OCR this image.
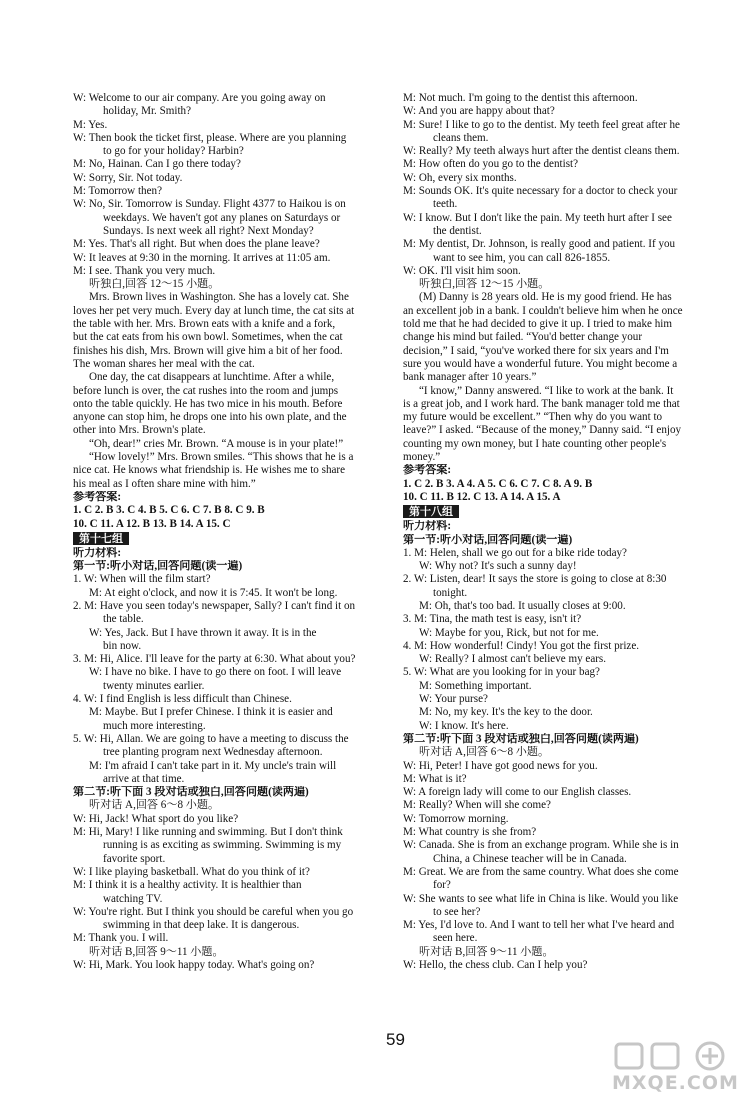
W: Welcome to our air company. Are you going away on
holiday, Mr. Smith?
M: Yes.
W: Then book the ticket first, please. Where are you planning
to go for your holiday? Harbin?
M: No, Hainan. Can I go there today?
W: Sorry, Sir. Not today.
M: Tomorrow then?
W: No, Sir. Tomorrow is Sunday. Flight 4377 to Haikou is on
weekdays. We haven't got any planes on Saturdays or
Sundays. Is next week all right? Next Monday?
M: Yes. That's all right. But when does the plane leave?
W: It leaves at 9:30 in the morning. It arrives at 11:05 am.
M: I see. Thank you very much.
听独白,回答 12～15 小题。
Mrs. Brown lives in Washington. She has a lovely cat. She
loves her pet very much. Every day at lunch time, the cat sits at
the table with her. Mrs. Brown eats with a knife and a fork,
but the cat eats from his own bowl. Sometimes, when the cat
finishes his dish, Mrs. Brown will give him a bit of her food.
The woman shares her meal with the cat.
One day, the cat disappears at lunchtime. After a while,
before lunch is over, the cat rushes into the room and jumps
onto the table quickly. He has two mice in his mouth. Before
anyone can stop him, he drops one into his own plate, and the
other into Mrs. Brown's plate.
“Oh, dear!” cries Mr. Brown. “A mouse is in your plate!”
“How lovely!” Mrs. Brown smiles. “This shows that he is a
nice cat. He knows what friendship is. He wishes me to share
his meal as I often share mine with him.”
参考答案:
1. C 2. B 3. C 4. B 5. C 6. C 7. B 8. C 9. B
10. C 11. A 12. B 13. B 14. A 15. C
第十七组
听力材料:
第一节:听小对话,回答问题(读一遍)
1. W: When will the film start?
M: At eight o'clock, and now it is 7:45. It won't be long.
2. M: Have you seen today's newspaper, Sally? I can't find it on
the table.
W: Yes, Jack. But I have thrown it away. It is in the
bin now.
3. M: Hi, Alice. I'll leave for the party at 6:30. What about you?
W: I have no bike. I have to go there on foot. I will leave
twenty minutes earlier.
4. W: I find English is less difficult than Chinese.
M: Maybe. But I prefer Chinese. I think it is easier and
much more interesting.
5. W: Hi, Allan. We are going to have a meeting to discuss the
tree planting program next Wednesday afternoon.
M: I'm afraid I can't take part in it. My uncle's train will
arrive at that time.
第二节:听下面 3 段对话或独白,回答问题(读两遍)
听对话 A,回答 6～8 小题。
W: Hi, Jack! What sport do you like?
M: Hi, Mary! I like running and swimming. But I don't think
running is as exciting as swimming. Swimming is my
favorite sport.
W: I like playing basketball. What do you think of it?
M: I think it is a healthy activity. It is healthier than
watching TV.
W: You're right. But I think you should be careful when you go
swimming in that deep lake. It is dangerous.
M: Thank you. I will.
听对话 B,回答 9～11 小题。
W: Hi, Mark. You look happy today. What's going on?
M: Not much. I'm going to the dentist this afternoon.
W: And you are happy about that?
M: Sure! I like to go to the dentist. My teeth feel great after he
cleans them.
W: Really? My teeth always hurt after the dentist cleans them.
M: How often do you go to the dentist?
W: Oh, every six months.
M: Sounds OK. It's quite necessary for a doctor to check your
teeth.
W: I know. But I don't like the pain. My teeth hurt after I see
the dentist.
M: My dentist, Dr. Johnson, is really good and patient. If you
want to see him, you can call 826-1855.
W: OK. I'll visit him soon.
听独白,回答 12～15 小题。
(M) Danny is 28 years old. He is my good friend. He has
an excellent job in a bank. I couldn't believe him when he once
told me that he had decided to give it up. I tried to make him
change his mind but failed. “You'd better change your
decision,” I said, “you've worked there for six years and I'm
sure you would have a wonderful future. You might become a
bank manager after 10 years.”
“I know,” Danny answered. “I like to work at the bank. It
is a great job, and I work hard. The bank manager told me that
my future would be excellent.” “Then why do you want to
leave?” I asked. “Because of the money,” Danny said. “I enjoy
counting my own money, but I hate counting other people's
money.”
参考答案:
1. C 2. B 3. A 4. A 5. C 6. C 7. C 8. A 9. B
10. C 11. B 12. C 13. A 14. A 15. A
第十八组
听力材料:
第一节:听小对话,回答问题(读一遍)
1. M: Helen, shall we go out for a bike ride today?
W: Why not? It's such a sunny day!
2. W: Listen, dear! It says the store is going to close at 8:30
tonight.
M: Oh, that's too bad. It usually closes at 9:00.
3. M: Tina, the math test is easy, isn't it?
W: Maybe for you, Rick, but not for me.
4. M: How wonderful! Cindy! You got the first prize.
W: Really? I almost can't believe my ears.
5. W: What are you looking for in your bag?
M: Something important.
W: Your purse?
M: No, my key. It's the key to the door.
W: I know. It's here.
第二节:听下面 3 段对话或独白,回答问题(读两遍)
听对话 A,回答 6～8 小题。
W: Hi, Peter! I have got good news for you.
M: What is it?
W: A foreign lady will come to our English classes.
M: Really? When will she come?
W: Tomorrow morning.
M: What country is she from?
W: Canada. She is from an exchange program. While she is in
China, a Chinese teacher will be in Canada.
M: Great. We are from the same country. What does she come
for?
W: She wants to see what life in China is like. Would you like
to see her?
M: Yes, I'd love to. And I want to tell her what I've heard and
seen here.
听对话 B,回答 9～11 小题。
W: Hello, the chess club. Can I help you?
59
MXQE.COM
